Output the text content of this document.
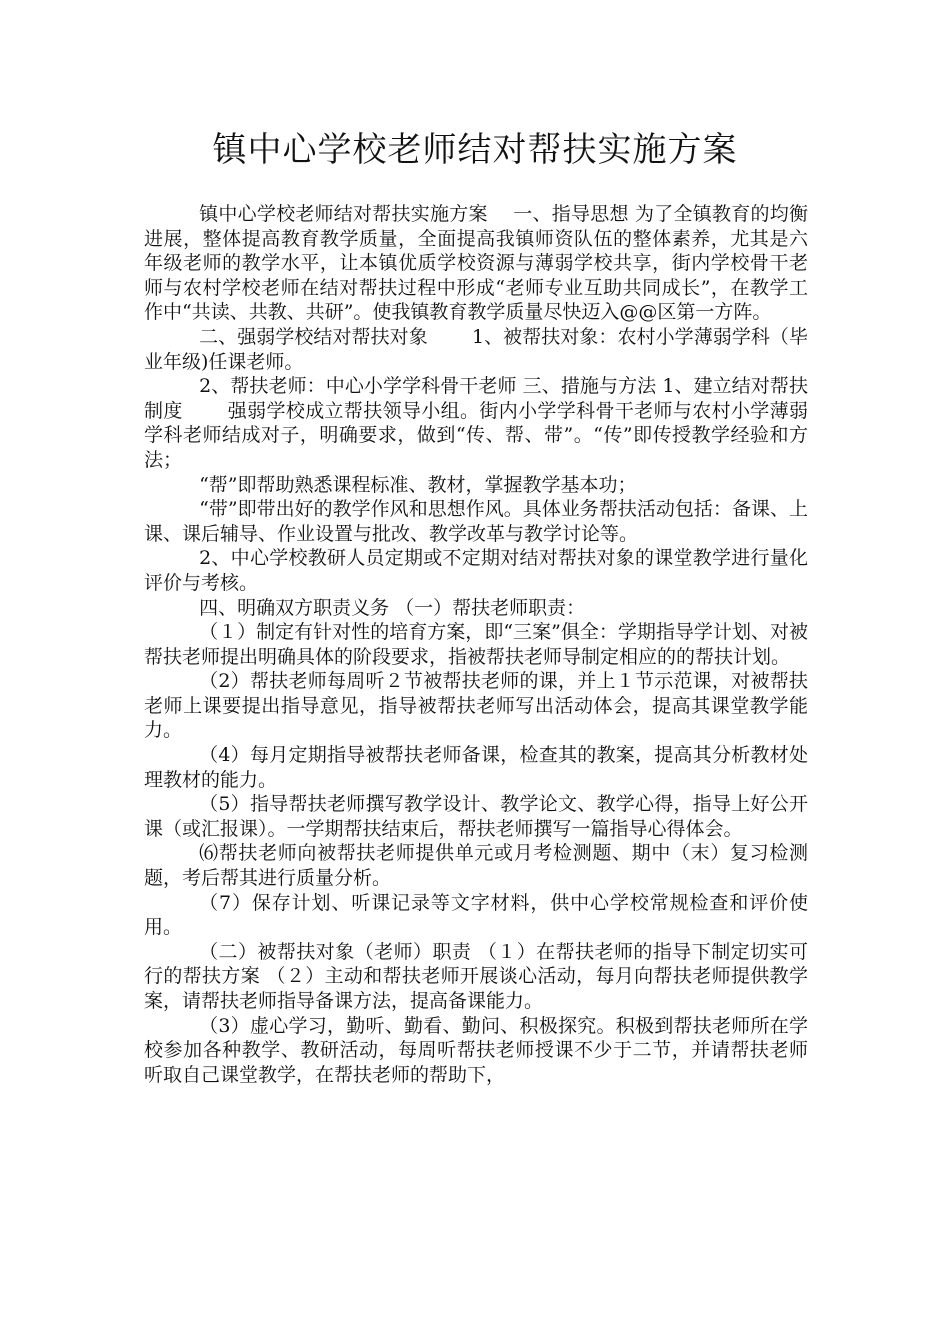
镇中心学校老师结对帮扶实施方案

镇中心学校老师结对帮扶实施方案　 一、指导思想 为了全镇教育的均衡进展，整体提高教育教学质量，全面提高我镇师资队伍的整体素养，尤其是六年级老师的教学水平，让本镇优质学校资源与薄弱学校共享，街内学校骨干老师与农村学校老师在结对帮扶过程中形成“老师专业互助共同成长”，在教学工作中“共读、共教、共研”。使我镇教育教学质量尽快迈入@@区第一方阵。

二、强弱学校结对帮扶对象　　 1、被帮扶对象：农村小学薄弱学科（毕业年级)任课老师。

2、帮扶老师：中心小学学科骨干老师 三、措施与方法 1、建立结对帮扶制度　　 强弱学校成立帮扶领导小组。街内小学学科骨干老师与农村小学薄弱学科老师结成对子，明确要求，做到“传、帮、带”。“传”即传授教学经验和方法；

“帮”即帮助熟悉课程标准、教材，掌握教学基本功；

“带”即带出好的教学作风和思想作风。具体业务帮扶活动包括：备课、上课、课后辅导、作业设置与批改、教学改革与教学讨论等。

2、中心学校教研人员定期或不定期对结对帮扶对象的课堂教学进行量化评价与考核。

四、明确双方职责义务 （一）帮扶老师职责：

（１）制定有针对性的培育方案，即“三案”俱全：学期指导学计划、对被帮扶老师提出明确具体的阶段要求，指被帮扶老师导制定相应的的帮扶计划。

（2）帮扶老师每周听２节被帮扶老师的课，并上１节示范课，对被帮扶老师上课要提出指导意见，指导被帮扶老师写出活动体会，提高其课堂教学能力。

（4）每月定期指导被帮扶老师备课，检查其的教案，提高其分析教材处理教材的能力。

（5）指导帮扶老师撰写教学设计、教学论文、教学心得，指导上好公开课（或汇报课）。一学期帮扶结束后，帮扶老师撰写一篇指导心得体会。

⑹帮扶老师向被帮扶老师提供单元或月考检测题、期中（末）复习检测题，考后帮其进行质量分析。

（7）保存计划、听课记录等文字材料，供中心学校常规检查和评价使用。

（二）被帮扶对象（老师）职责 （１）在帮扶老师的指导下制定切实可行的帮扶方案 （２）主动和帮扶老师开展谈心活动，每月向帮扶老师提供教学案，请帮扶老师指导备课方法，提高备课能力。

（3）虚心学习，勤听、勤看、勤问、积极探究。积极到帮扶老师所在学校参加各种教学、教研活动，每周听帮扶老师授课不少于二节，并请帮扶老师听取自己课堂教学，在帮扶老师的帮助下，
